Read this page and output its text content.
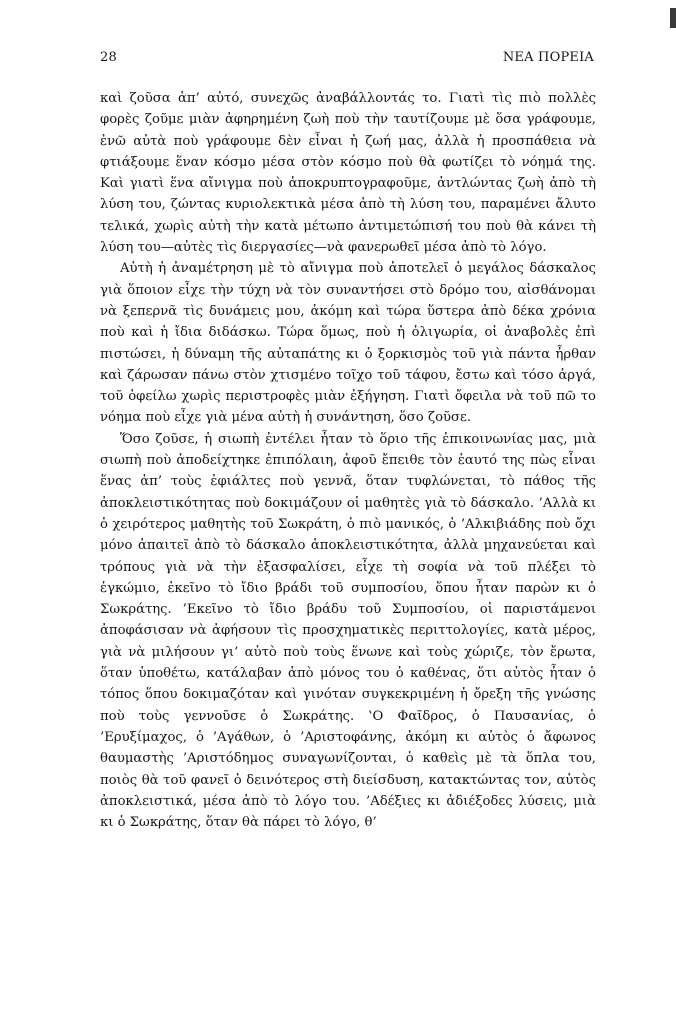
28	ΝΕΑ ΠΟΡΕΙΑ

καὶ ζοῦσα ἀπ’ αὐτό, συνεχῶς ἀναβάλλοντάς το. Γιατὶ τὶς πιὸ πολλὲς φορὲς ζοῦμε μιὰν ἀφηρημένη ζωὴ ποὺ τὴν ταυτίζουμε μὲ ὅσα γράφουμε, ἐνῶ αὐτὰ ποὺ γράφουμε δὲν εἶναι ἡ ζωή μας, ἀλλὰ ἡ προσπάθεια νὰ φτιάξουμε ἕναν κόσμο μέσα στὸν κόσμο ποὺ θὰ φωτίζει τὸ νόημά της. Καὶ γιατὶ ἕνα αἴνιγμα ποὺ ἀποκρυπτογραφοῦμε, ἀντλώντας ζωὴ ἀπὸ τὴ λύση του, ζώντας κυριολεκτικὰ μέσα ἀπὸ τὴ λύση του, παραμένει ἄλυτο τελικά, χωρὶς αὐτὴ τὴν κατὰ μέτωπο ἀντιμετώπισή του ποὺ θὰ κάνει τὴ λύση του—αὐτὲς τὶς διεργασίες—νὰ φανερωθεῖ μέσα ἀπὸ τὸ λόγο.

Αὐτὴ ἡ ἀναμέτρηση μὲ τὸ αἴνιγμα ποὺ ἀποτελεῖ ὁ μεγάλος δάσκαλος γιὰ ὅποιον εἶχε τὴν τύχη νὰ τὸν συναντήσει στὸ δρόμο του, αἰσθάνομαι νὰ ξεπερνᾶ τὶς δυνάμεις μου, ἀκόμη καὶ τώρα ὕστερα ἀπὸ δέκα χρόνια ποὺ καὶ ἡ ἴδια διδάσκω. Τώρα ὅμως, ποὺ ἡ ὀλιγωρία, οἱ ἀναβολὲς ἐπὶ πιστώσει, ἡ δύναμη τῆς αὐταπάτης κι ὁ ξορκισμὸς τοῦ γιὰ πάντα ἦρθαν καὶ ζάρωσαν πάνω στὸν χτισμένο τοῖχο τοῦ τάφου, ἔστω καὶ τόσο ἀργά, τοῦ ὀφείλω χωρὶς περιστροφὲς μιὰν ἐξήγηση. Γιατὶ ὄφειλα νὰ τοῦ πῶ το νόημα ποὺ εἶχε γιὰ μένα αὐτὴ ἡ συνάντηση, ὅσο ζοῦσε.

Ὅσο ζοῦσε, ἡ σιωπὴ ἐντέλει ἦταν τὸ ὅριο τῆς ἐπικοινωνίας μας, μιὰ σιωπὴ ποὺ ἀποδείχτηκε ἐπιπόλαιη, ἀφοῦ ἔπειθε τὸν ἑαυτό της πὼς εἶναι ἕνας ἀπ’ τοὺς ἐφιάλτες ποὺ γεννᾶ, ὅταν τυφλώνεται, τὸ πάθος τῆς ἀποκλειστικότητας ποὺ δοκιμάζουν οἱ μαθητὲς γιὰ τὸ δάσκαλο. ’Αλλὰ κι ὁ χειρότερος μαθητὴς τοῦ Σωκράτη, ὁ πιὸ μανικός, ὁ ’Αλκιβιάδης ποὺ ὄχι μόνο ἀπαιτεῖ ἀπὸ τὸ δάσκαλο ἀποκλειστικότητα, ἀλλὰ μηχανεύεται καὶ τρόπους γιὰ νὰ τὴν ἐξασφαλίσει, εἶχε τὴ σοφία νὰ τοῦ πλέξει τὸ ἐγκώμιο, ἐκεῖνο τὸ ἴδιο βράδι τοῦ συμποσίου, ὅπου ἦταν παρὼν κι ὁ Σωκράτης. ’Εκεῖνο τὸ ἴδιο βράδυ τοῦ Συμποσίου, οἱ παριστάμενοι ἀποφάσισαν νὰ ἀφήσουν τὶς προσχηματικὲς περιττολογίες, κατὰ μέρος, γιὰ νὰ μιλήσουν γι’ αὐτὸ ποὺ τοὺς ἕνωνε καὶ τοὺς χώριζε, τὸν ἔρωτα, ὅταν ὑποθέτω, κατάλαβαν ἀπὸ μόνος του ὁ καθένας, ὅτι αὐτὸς ἦταν ὁ τόπος ὅπου δοκιμαζόταν καὶ γινόταν συγκεκριμένη ἡ ὄρεξη τῆς γνώσης ποὺ τοὺς γεννοῦσε ὁ Σωκράτης. ‛Ο Φαῖδρος, ὁ Παυσανίας, ὁ ’Ερυξίμαχος, ὁ ’Αγάθων, ὁ ’Αριστοφάνης, ἀκόμη κι αὐτὸς ὁ ἄφωνος θαυμαστὴς ’Αριστόδημος συναγωνίζονται, ὁ καθεὶς μὲ τὰ ὅπλα του, ποιὸς θὰ τοῦ φανεῖ ὁ δεινότερος στὴ διείσδυση, κατακτώντας τον, αὐτὸς ἀποκλειστικά, μέσα ἀπὸ τὸ λόγο του. ’Αδέξιες κι ἀδιέξοδες λύσεις, μιὰ κι ὁ Σωκράτης, ὅταν θὰ πάρει τὸ λόγο, θ’
